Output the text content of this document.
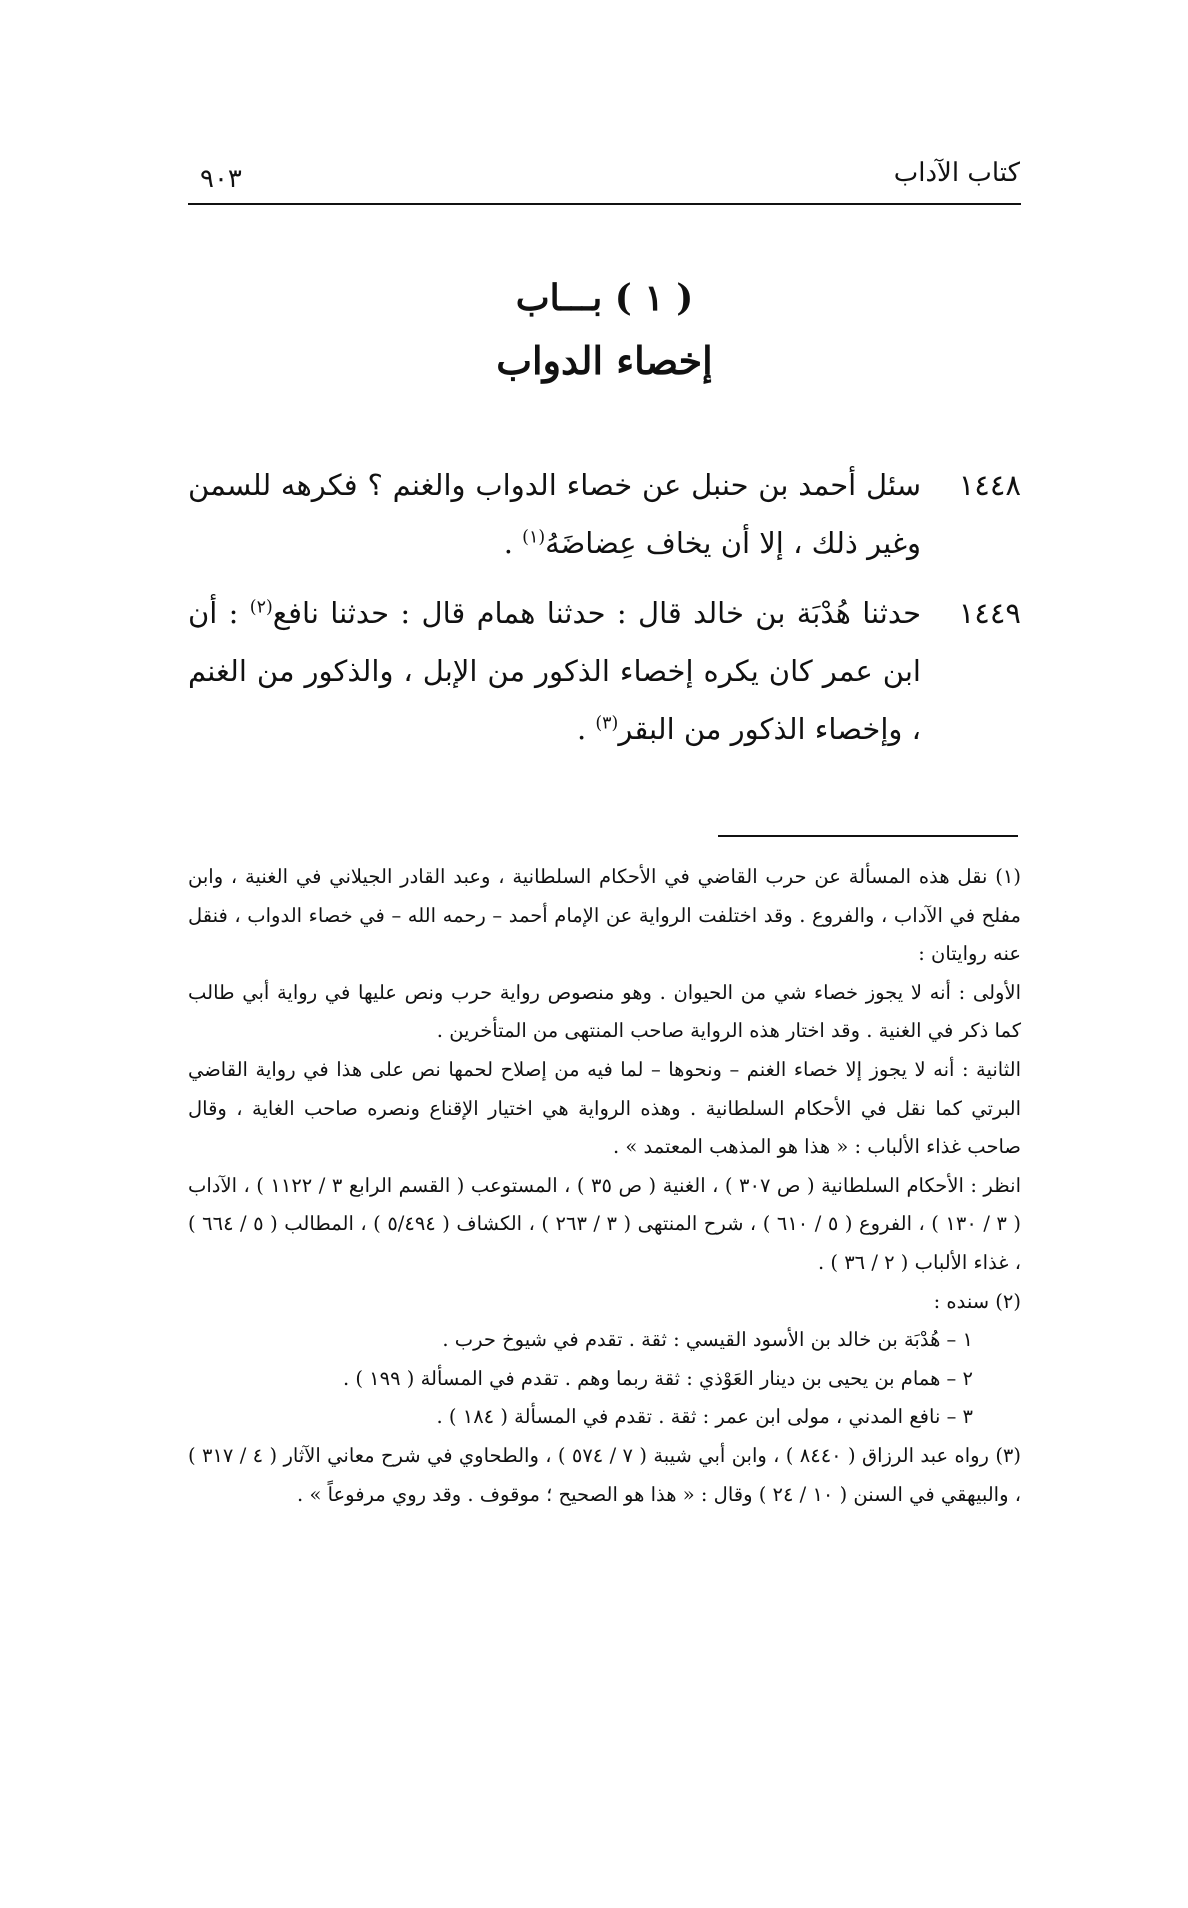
كتاب الآداب
٩٠٣
( ١ ) بـــاب
إخصاء الدواب
١٤٤٨
سئل أحمد بن حنبل عن خصاء الدواب والغنم ؟ فكرهه للسمن وغير ذلك ، إلا أن يخاف عِضاضَهُ$^{(١)}$ .
١٤٤٩
حدثنا هُدْبَة بن خالد قال : حدثنا همام قال : حدثنا نافع$^{(٢)}$ : أن ابن عمر كان يكره إخصاء الذكور من الإبل ، والذكور من الغنم ، وإخصاء الذكور من البقر$^{(٣)}$ .

(١) نقل هذه المسألة عن حرب القاضي في الأحكام السلطانية ، وعبد القادر الجيلاني في الغنية ، وابن مفلح في الآداب ، والفروع . وقد اختلفت الرواية عن الإمام أحمد – رحمه الله – في خصاء الدواب ، فنقل عنه روايتان :

الأولى : أنه لا يجوز خصاء شي من الحيوان . وهو منصوص رواية حرب ونص عليها في رواية أبي طالب كما ذكر في الغنية . وقد اختار هذه الرواية صاحب المنتهى من المتأخرين .

الثانية : أنه لا يجوز إلا خصاء الغنم – ونحوها – لما فيه من إصلاح لحمها نص على هذا في رواية القاضي البرتي كما نقل في الأحكام السلطانية . وهذه الرواية هي اختيار الإقناع ونصره صاحب الغاية ، وقال صاحب غذاء الألباب : « هذا هو المذهب المعتمد » .

انظر : الأحكام السلطانية ( ص ٣٠٧ ) ، الغنية ( ص ٣٥ ) ، المستوعب ( القسم الرابع ٣ / ١١٢٢ ) ، الآداب ( ٣ / ١٣٠ ) ، الفروع ( ٥ / ٦١٠ ) ، شرح المنتهى ( ٣ / ٢٦٣ ) ، الكشاف ( ٥/٤٩٤ ) ، المطالب ( ٥ / ٦٦٤ ) ، غذاء الألباب ( ٢ / ٣٦ ) .

(٢) سنده :

١ – هُدْبَة بن خالد بن الأسود القيسي : ثقة . تقدم في شيوخ حرب .

٢ – همام بن يحيى بن دينار العَوْذي : ثقة ربما وهم . تقدم في المسألة ( ١٩٩ ) .

٣ – نافع المدني ، مولى ابن عمر : ثقة . تقدم في المسألة ( ١٨٤ ) .

(٣) رواه عبد الرزاق ( ٨٤٤٠ ) ، وابن أبي شيبة ( ٧ / ٥٧٤ ) ، والطحاوي في شرح معاني الآثار ( ٤ / ٣١٧ ) ، والبيهقي في السنن ( ١٠ / ٢٤ ) وقال : « هذا هو الصحيح ؛ موقوف . وقد روي مرفوعاً » .
